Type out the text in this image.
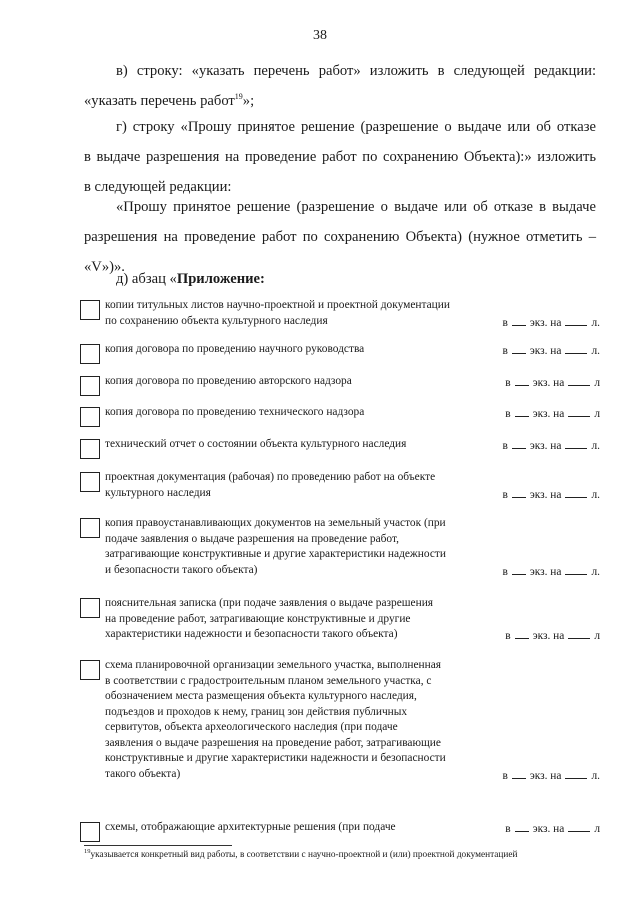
38
в) строку: «указать перечень работ» изложить в следующей редакции:
«указать перечень работ$^{19}$»;
г) строку «Прошу принятое решение (разрешение о выдаче или об отказе
в выдаче разрешения на проведение работ по сохранению Объекта):» изложить
в следующей редакции:
«Прошу принятое решение (разрешение о выдаче или об отказе в выдаче
разрешения на проведение работ по сохранению Объекта) (нужное отметить –
«V»)».
д) абзац «Приложение:
копии титульных листов научно-проектной и проектной документации
по сохранению объекта культурного наследия	в экз. на	л.
копия договора по проведению научного руководства	в экз. на	л.
копия договора по проведению авторского надзора	в экз. на	л
копия договора по проведению технического надзора	в экз. на	л
технический отчет о состоянии объекта культурного наследия	в экз. на	л.
проектная документация (рабочая) по проведению работ на объекте
культурного наследия	в экз. на	л.
копия правоустанавливающих документов на земельный участок (при
подаче заявления о выдаче разрешения на проведение работ,
затрагивающие конструктивные и другие характеристики надежности
и безопасности такого объекта)	в экз. на	л.
пояснительная записка (при подаче заявления о выдаче разрешения
на проведение работ, затрагивающие конструктивные и другие
характеристики надежности и безопасности такого объекта)	в экз. на	л
схема планировочной организации земельного участка, выполненная
в соответствии с градостроительным планом земельного участка, с
обозначением места размещения объекта культурного наследия,
подъездов и проходов к нему, границ зон действия публичных
сервитутов, объекта археологического наследия (при подаче
заявления о выдаче разрешения на проведение работ, затрагивающие
конструктивные и другие характеристики надежности и безопасности
такого объекта)	в экз. на	л.
схемы, отображающие архитектурные решения (при подаче	в экз. на	л
$^{19}$указывается конкретный вид работы, в соответствии с научно-проектной и (или) проектной документацией
